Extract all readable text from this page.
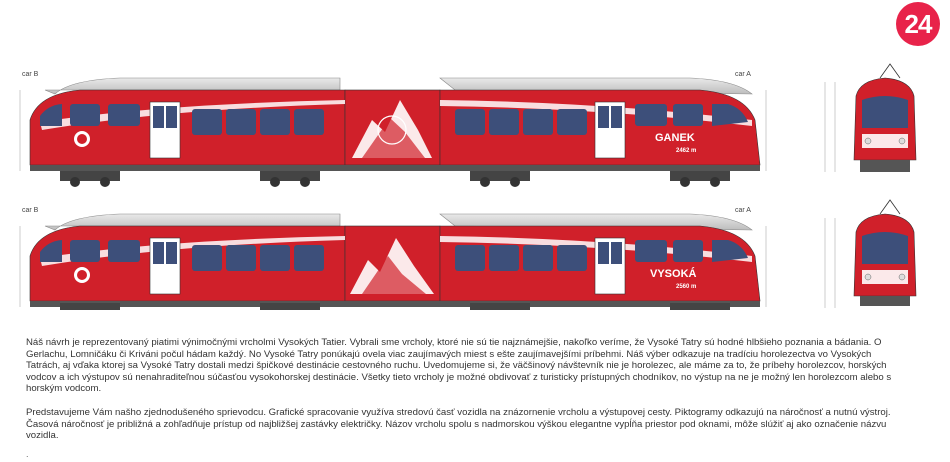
24
car B	car A
GANEK
2462 m
car B	car A
VYSOKÁ
2560 m

Náš návrh je reprezentovaný piatimi výnimočnými vrcholmi Vysokých Tatier. Vybrali sme vrcholy, ktoré nie sú tie najznámejšie, nakoľko veríme, že Vysoké Tatry sú hodné hlbšieho poznania a bádania. O Gerlachu, Lomničáku či Kriváni počul hádam každý. No Vysoké Tatry ponúkajú ovela viac zaujímavých miest s ešte zaujímavejšími príbehmi. Náš výber odkazuje na tradíciu horolezectva vo Vysokých Tatrách, aj vďaka ktorej sa Vysoké Tatry dostali medzi špičkové destinácie cestovného ruchu. Uvedomujeme si, že väčšinový návštevník nie je horolezec, ale máme za to, že príbehy horolezcov, horských vodcov a ich výstupov sú nenahraditeľnou súčasťou vysokohorskej destinácie. Všetky tieto vrcholy je možné obdivovať z turisticky prístupných chodníkov, no výstup na ne je možný len horolezcom alebo s horským vodcom.

Predstavujeme Vám našho zjednodušeného sprievodcu. Grafické spracovanie využíva stredovú časť vozidla na znázornenie vrcholu a výstupovej cesty. Piktogramy odkazujú na náročnosť a nutnú výstroj. Časová náročnosť je približná a zohľadňuje prístup od najbližšej zastávky električky. Názov vrcholu spolu s nadmorskou výškou elegantne vypĺňa priestor pod oknami, môže slúžiť aj ako označenie názvu vozidla.

.
